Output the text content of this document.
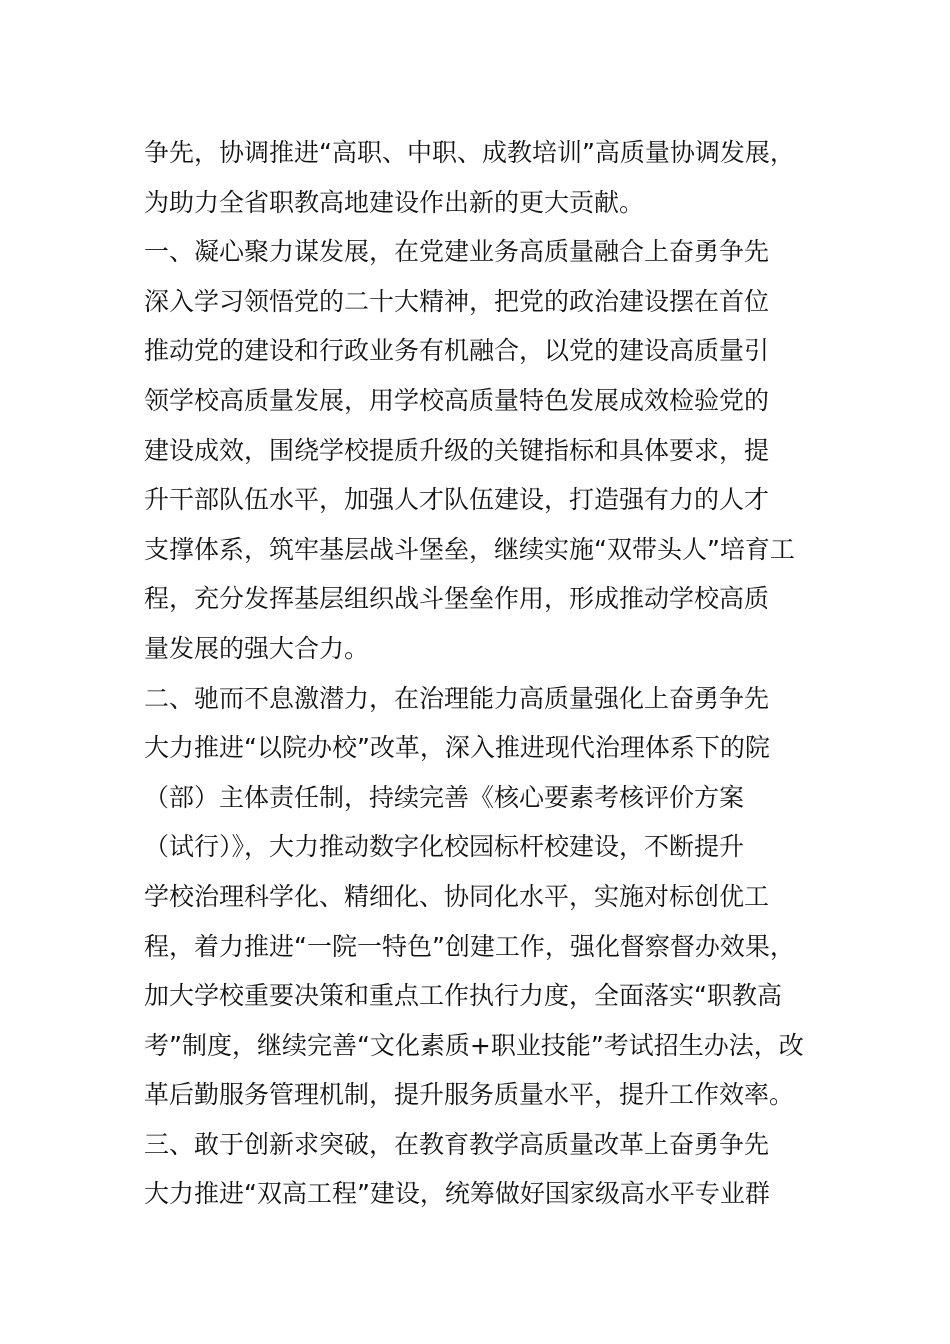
争先，协调推进“高职、中职、成教培训”高质量协调发展，
为助力全省职教高地建设作出新的更大贡献。
一、凝心聚力谋发展，在党建业务高质量融合上奋勇争先
深入学习领悟党的二十大精神，把党的政治建设摆在首位
推动党的建设和行政业务有机融合，以党的建设高质量引
领学校高质量发展，用学校高质量特色发展成效检验党的
建设成效，围绕学校提质升级的关键指标和具体要求，提
升干部队伍水平，加强人才队伍建设，打造强有力的人才
支撑体系，筑牢基层战斗堡垒，继续实施“双带头人”培育工
程，充分发挥基层组织战斗堡垒作用，形成推动学校高质
量发展的强大合力。
二、驰而不息激潜力，在治理能力高质量强化上奋勇争先
大力推进“以院办校”改革，深入推进现代治理体系下的院
（部）主体责任制，持续完善《核心要素考核评价方案
（试行）》，大力推动数字化校园标杆校建设，不断提升
学校治理科学化、精细化、协同化水平，实施对标创优工
程，着力推进“一院一特色”创建工作，强化督察督办效果，
加大学校重要决策和重点工作执行力度，全面落实“职教高
考”制度，继续完善“文化素质+职业技能”考试招生办法，改
革后勤服务管理机制，提升服务质量水平，提升工作效率。
三、敢于创新求突破，在教育教学高质量改革上奋勇争先
大力推进“双高工程”建设，统筹做好国家级高水平专业群
